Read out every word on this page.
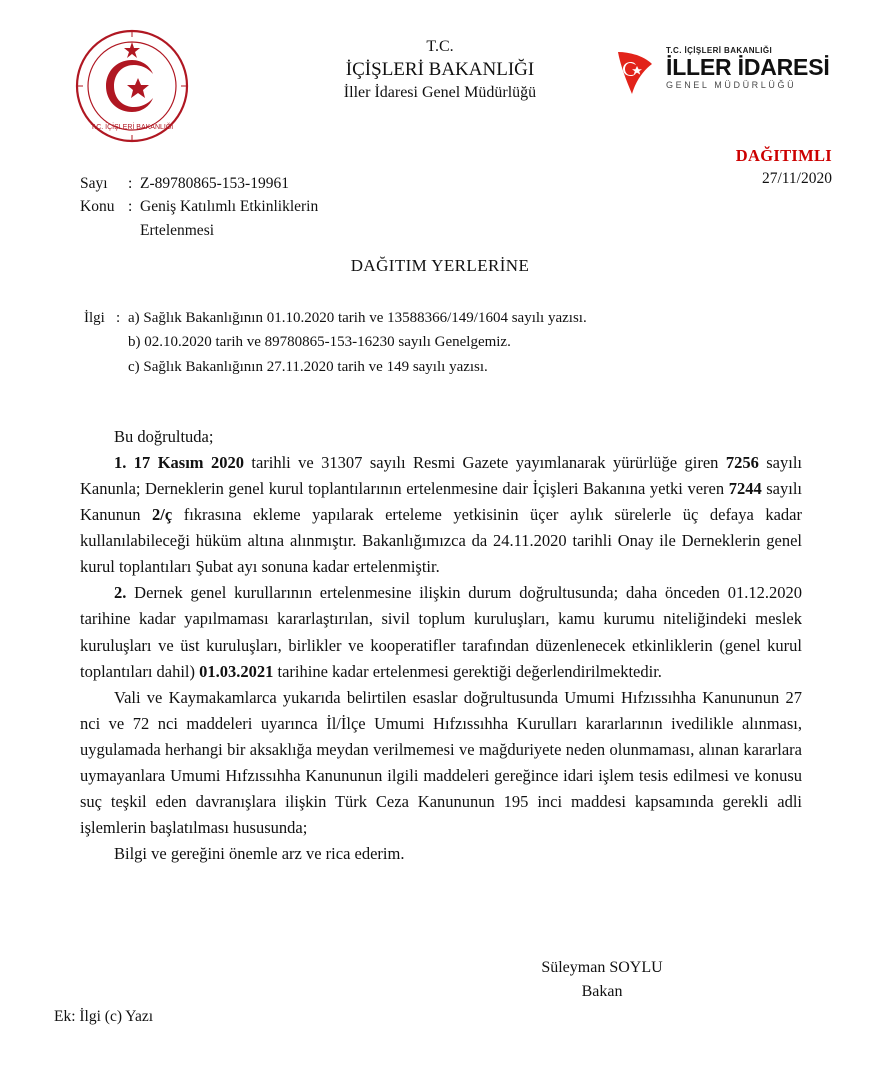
T.C. İÇİŞLERİ BAKANLIĞI
T.C.
İÇİŞLERİ BAKANLIĞI
İller İdaresi Genel Müdürlüğü
T.C. İÇİŞLERİ BAKANLIĞI
İLLER İDARESİ
GENEL MÜDÜRLÜĞÜ
DAĞITIMLI
27/11/2020
Sayı	: Z-89780865-153-19961
Konu : Geniş Katılımlı Etkinliklerin
Ertelenmesi
DAĞITIM YERLERİNE
İlgi : a) Sağlık Bakanlığının 01.10.2020 tarih ve 13588366/149/1604 sayılı yazısı.
b) 02.10.2020 tarih ve 89780865-153-16230 sayılı Genelgemiz.
c) Sağlık Bakanlığının 27.11.2020 tarih ve 149 sayılı yazısı.

Bu doğrultuda;

1. 17 Kasım 2020 tarihli ve 31307 sayılı Resmi Gazete yayımlanarak yürürlüğe giren 7256 sayılı Kanunla; Derneklerin genel kurul toplantılarının ertelenmesine dair İçişleri Bakanına yetki veren 7244 sayılı Kanunun 2/ç fıkrasına ekleme yapılarak erteleme yetkisinin üçer aylık sürelerle üç defaya kadar kullanılabileceği hüküm altına alınmıştır. Bakanlığımızca da 24.11.2020 tarihli Onay ile Derneklerin genel kurul toplantıları Şubat ayı sonuna kadar ertelenmiştir.

2. Dernek genel kurullarının ertelenmesine ilişkin durum doğrultusunda; daha önceden 01.12.2020 tarihine kadar yapılmaması kararlaştırılan, sivil toplum kuruluşları, kamu kurumu niteliğindeki meslek kuruluşları ve üst kuruluşları, birlikler ve kooperatifler tarafından düzenlenecek etkinliklerin (genel kurul toplantıları dahil) 01.03.2021 tarihine kadar ertelenmesi gerektiği değerlendirilmektedir.

Vali ve Kaymakamlarca yukarıda belirtilen esaslar doğrultusunda Umumi Hıfzıssıhha Kanununun 27 nci ve 72 nci maddeleri uyarınca İl/İlçe Umumi Hıfzıssıhha Kurulları kararlarının ivedilikle alınması, uygulamada herhangi bir aksaklığa meydan verilmemesi ve mağduriyete neden olunmaması, alınan kararlara uymayanlara Umumi Hıfzıssıhha Kanununun ilgili maddeleri gereğince idari işlem tesis edilmesi ve konusu suç teşkil eden davranışlara ilişkin Türk Ceza Kanununun 195 inci maddesi kapsamında gerekli adli işlemlerin başlatılması hususunda;

Bilgi ve gereğini önemle arz ve rica ederim.

Süleyman SOYLU
Bakan
Ek: İlgi (c) Yazı
